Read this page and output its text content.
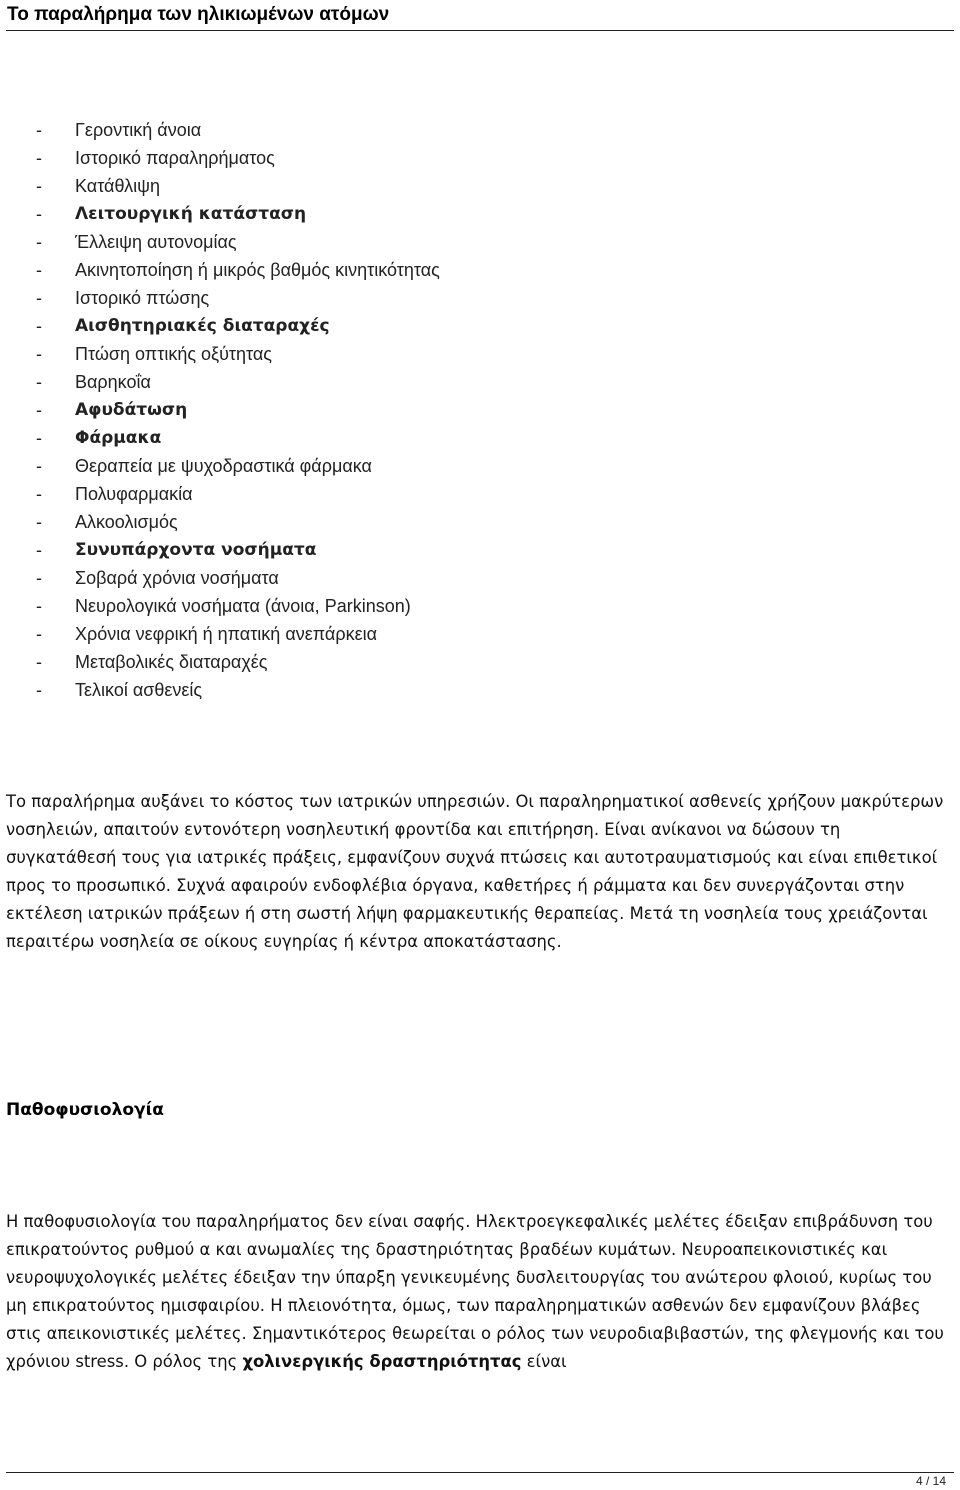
Το παραλήρημα των ηλικιωμένων ατόμων
- Γεροντική άνοια
- Ιστορικό παραληρήματος
- Κατάθλιψη
- Λειτουργική κατάσταση
- Έλλειψη αυτονομίας
- Ακινητοποίηση ή μικρός βαθμός κινητικότητας
- Ιστορικό πτώσης
- Αισθητηριακές διαταραχές
- Πτώση οπτικής οξύτητας
- Βαρηκοΐα
- Αφυδάτωση
- Φάρμακα
- Θεραπεία με ψυχοδραστικά φάρμακα
- Πολυφαρμακία
- Αλκοολισμός
- Συνυπάρχοντα νοσήματα
- Σοβαρά χρόνια νοσήματα
- Νευρολογικά νοσήματα (άνοια, Parkinson)
- Χρόνια νεφρική ή ηπατική ανεπάρκεια
- Μεταβολικές διαταραχές
- Τελικοί ασθενείς

Το παραλήρημα αυξάνει το κόστος των ιατρικών υπηρεσιών. Οι παραληρηματικοί ασθενείς χρήζουν μακρύτερων νοσηλειών, απαιτούν εντονότερη νοσηλευτική φροντίδα και επιτήρηση. Είναι ανίκανοι να δώσουν τη συγκατάθεσή τους για ιατρικές πράξεις, εμφανίζουν συχνά πτώσεις και αυτοτραυματισμούς και είναι επιθετικοί προς το προσωπικό. Συχνά αφαιρούν ενδοφλέβια όργανα, καθετήρες ή ράμματα και δεν συνεργάζονται στην εκτέλεση ιατρικών πράξεων ή στη σωστή λήψη φαρμακευτικής θεραπείας. Μετά τη νοσηλεία τους χρειάζονται περαιτέρω νοσηλεία σε οίκους ευγηρίας ή κέντρα αποκατάστασης.

Παθοφυσιολογία

Η παθοφυσιολογία του παραληρήματος δεν είναι σαφής. Ηλεκτροεγκεφαλικές μελέτες έδειξαν επιβράδυνση του επικρατούντος ρυθμού α και ανωμαλίες της δραστηριότητας βραδέων κυμάτων. Νευροαπεικονιστικές και νευροψυχολογικές μελέτες έδειξαν την ύπαρξη γενικευμένης δυσλειτουργίας του ανώτερου φλοιού, κυρίως του μη επικρατούντος ημισφαιρίου. Η πλειονότητα, όμως, των παραληρηματικών ασθενών δεν εμφανίζουν βλάβες στις απεικονιστικές μελέτες. Σημαντικότερος θεωρείται ο ρόλος των νευροδιαβιβαστών, της φλεγμονής και του χρόνιου stress. Ο ρόλος της χολινεργικής δραστηριότητας είναι

4 / 14
